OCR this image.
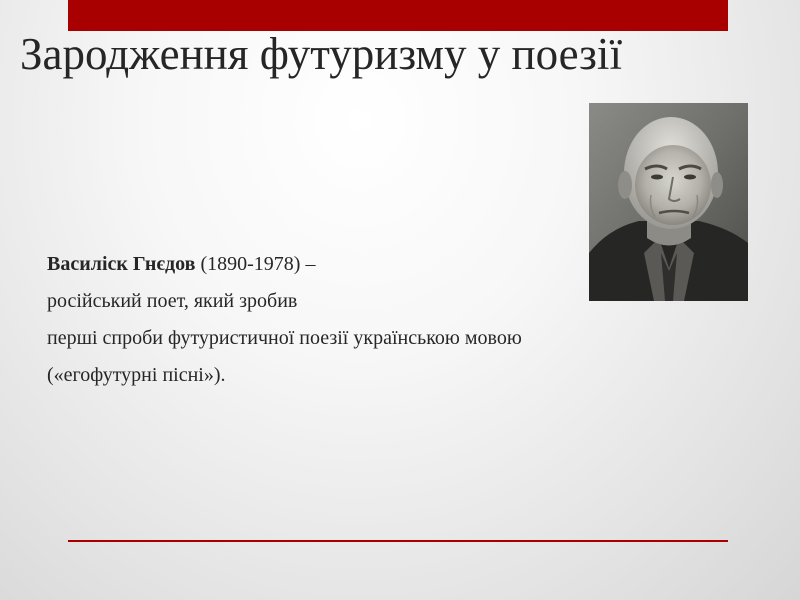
Зародження футуризму у поезії
Василіск Гнєдов (1890-1978) –
російський поет, який зробив
перші спроби футуристичної поезії українською мовою
(«егофутурні пісні»).
